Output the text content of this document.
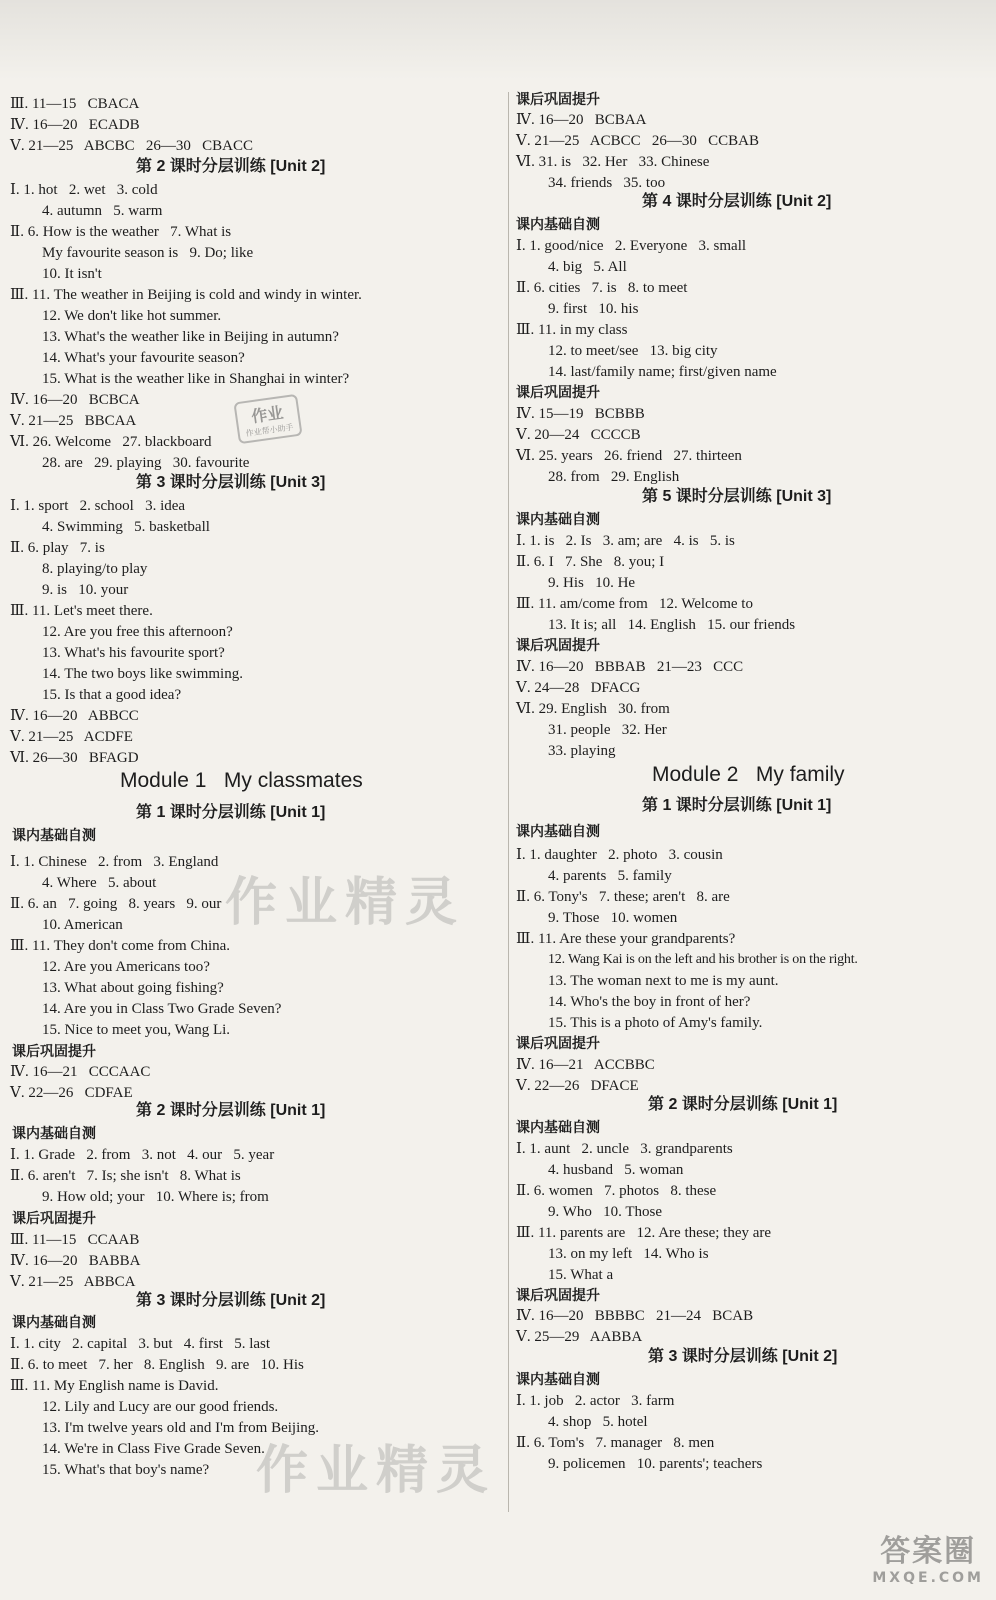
Ⅲ. 11—15   CBACA
Ⅳ. 16—20   ECADB
Ⅴ. 21—25   ABCBC   26—30   CBACC
第 2 课时分层训练 [Unit 2]
Ⅰ. 1. hot   2. wet   3. cold
4. autumn   5. warm
Ⅱ. 6. How is the weather   7. What is
My favourite season is   9. Do; like
10. It isn't
Ⅲ. 11. The weather in Beijing is cold and windy in winter.
12. We don't like hot summer.
13. What's the weather like in Beijing in autumn?
14. What's your favourite season?
15. What is the weather like in Shanghai in winter?
Ⅳ. 16—20   BCBCA
Ⅴ. 21—25   BBCAA
Ⅵ. 26. Welcome   27. blackboard
28. are   29. playing   30. favourite
第 3 课时分层训练 [Unit 3]
Ⅰ. 1. sport   2. school   3. idea
4. Swimming   5. basketball
Ⅱ. 6. play   7. is
8. playing/to play
9. is   10. your
Ⅲ. 11. Let's meet there.
12. Are you free this afternoon?
13. What's his favourite sport?
14. The two boys like swimming.
15. Is that a good idea?
Ⅳ. 16—20   ABBCC
Ⅴ. 21—25   ACDFE
Ⅵ. 26—30   BFAGD
Module 1   My classmates
第 1 课时分层训练 [Unit 1]
课内基础自测
Ⅰ. 1. Chinese   2. from   3. England
4. Where   5. about
Ⅱ. 6. an   7. going   8. years   9. our
10. American
Ⅲ. 11. They don't come from China.
12. Are you Americans too?
13. What about going fishing?
14. Are you in Class Two Grade Seven?
15. Nice to meet you, Wang Li.
课后巩固提升
Ⅳ. 16—21   CCCAAC
Ⅴ. 22—26   CDFAE
第 2 课时分层训练 [Unit 1]
课内基础自测
Ⅰ. 1. Grade   2. from   3. not   4. our   5. year
Ⅱ. 6. aren't   7. Is; she isn't   8. What is
9. How old; your   10. Where is; from
课后巩固提升
Ⅲ. 11—15   CCAAB
Ⅳ. 16—20   BABBA
Ⅴ. 21—25   ABBCA
第 3 课时分层训练 [Unit 2]
课内基础自测
Ⅰ. 1. city   2. capital   3. but   4. first   5. last
Ⅱ. 6. to meet   7. her   8. English   9. are   10. His
Ⅲ. 11. My English name is David.
12. Lily and Lucy are our good friends.
13. I'm twelve years old and I'm from Beijing.
14. We're in Class Five Grade Seven.
15. What's that boy's name?
作业
作业帮小助手
作业精灵
作业精灵
课后巩固提升
Ⅳ. 16—20   BCBAA
Ⅴ. 21—25   ACBCC   26—30   CCBAB
Ⅵ. 31. is   32. Her   33. Chinese
34. friends   35. too
第 4 课时分层训练 [Unit 2]
课内基础自测
Ⅰ. 1. good/nice   2. Everyone   3. small
4. big   5. All
Ⅱ. 6. cities   7. is   8. to meet
9. first   10. his
Ⅲ. 11. in my class
12. to meet/see   13. big city
14. last/family name; first/given name
课后巩固提升
Ⅳ. 15—19   BCBBB
Ⅴ. 20—24   CCCCB
Ⅵ. 25. years   26. friend   27. thirteen
28. from   29. English
第 5 课时分层训练 [Unit 3]
课内基础自测
Ⅰ. 1. is   2. Is   3. am; are   4. is   5. is
Ⅱ. 6. I   7. She   8. you; I
9. His   10. He
Ⅲ. 11. am/come from   12. Welcome to
13. It is; all   14. English   15. our friends
课后巩固提升
Ⅳ. 16—20   BBBAB   21—23   CCC
Ⅴ. 24—28   DFACG
Ⅵ. 29. English   30. from
31. people   32. Her
33. playing
Module 2   My family
第 1 课时分层训练 [Unit 1]
课内基础自测
Ⅰ. 1. daughter   2. photo   3. cousin
4. parents   5. family
Ⅱ. 6. Tony's   7. these; aren't   8. are
9. Those   10. women
Ⅲ. 11. Are these your grandparents?
12. Wang Kai is on the left and his brother is on the right.
13. The woman next to me is my aunt.
14. Who's the boy in front of her?
15. This is a photo of Amy's family.
课后巩固提升
Ⅳ. 16—21   ACCBBC
Ⅴ. 22—26   DFACE
第 2 课时分层训练 [Unit 1]
课内基础自测
Ⅰ. 1. aunt   2. uncle   3. grandparents
4. husband   5. woman
Ⅱ. 6. women   7. photos   8. these
9. Who   10. Those
Ⅲ. 11. parents are   12. Are these; they are
13. on my left   14. Who is
15. What a
课后巩固提升
Ⅳ. 16—20   BBBBC   21—24   BCAB
Ⅴ. 25—29   AABBA
第 3 课时分层训练 [Unit 2]
课内基础自测
Ⅰ. 1. job   2. actor   3. farm
4. shop   5. hotel
Ⅱ. 6. Tom's   7. manager   8. men
9. policemen   10. parents'; teachers
答案圈
MXQE.COM
